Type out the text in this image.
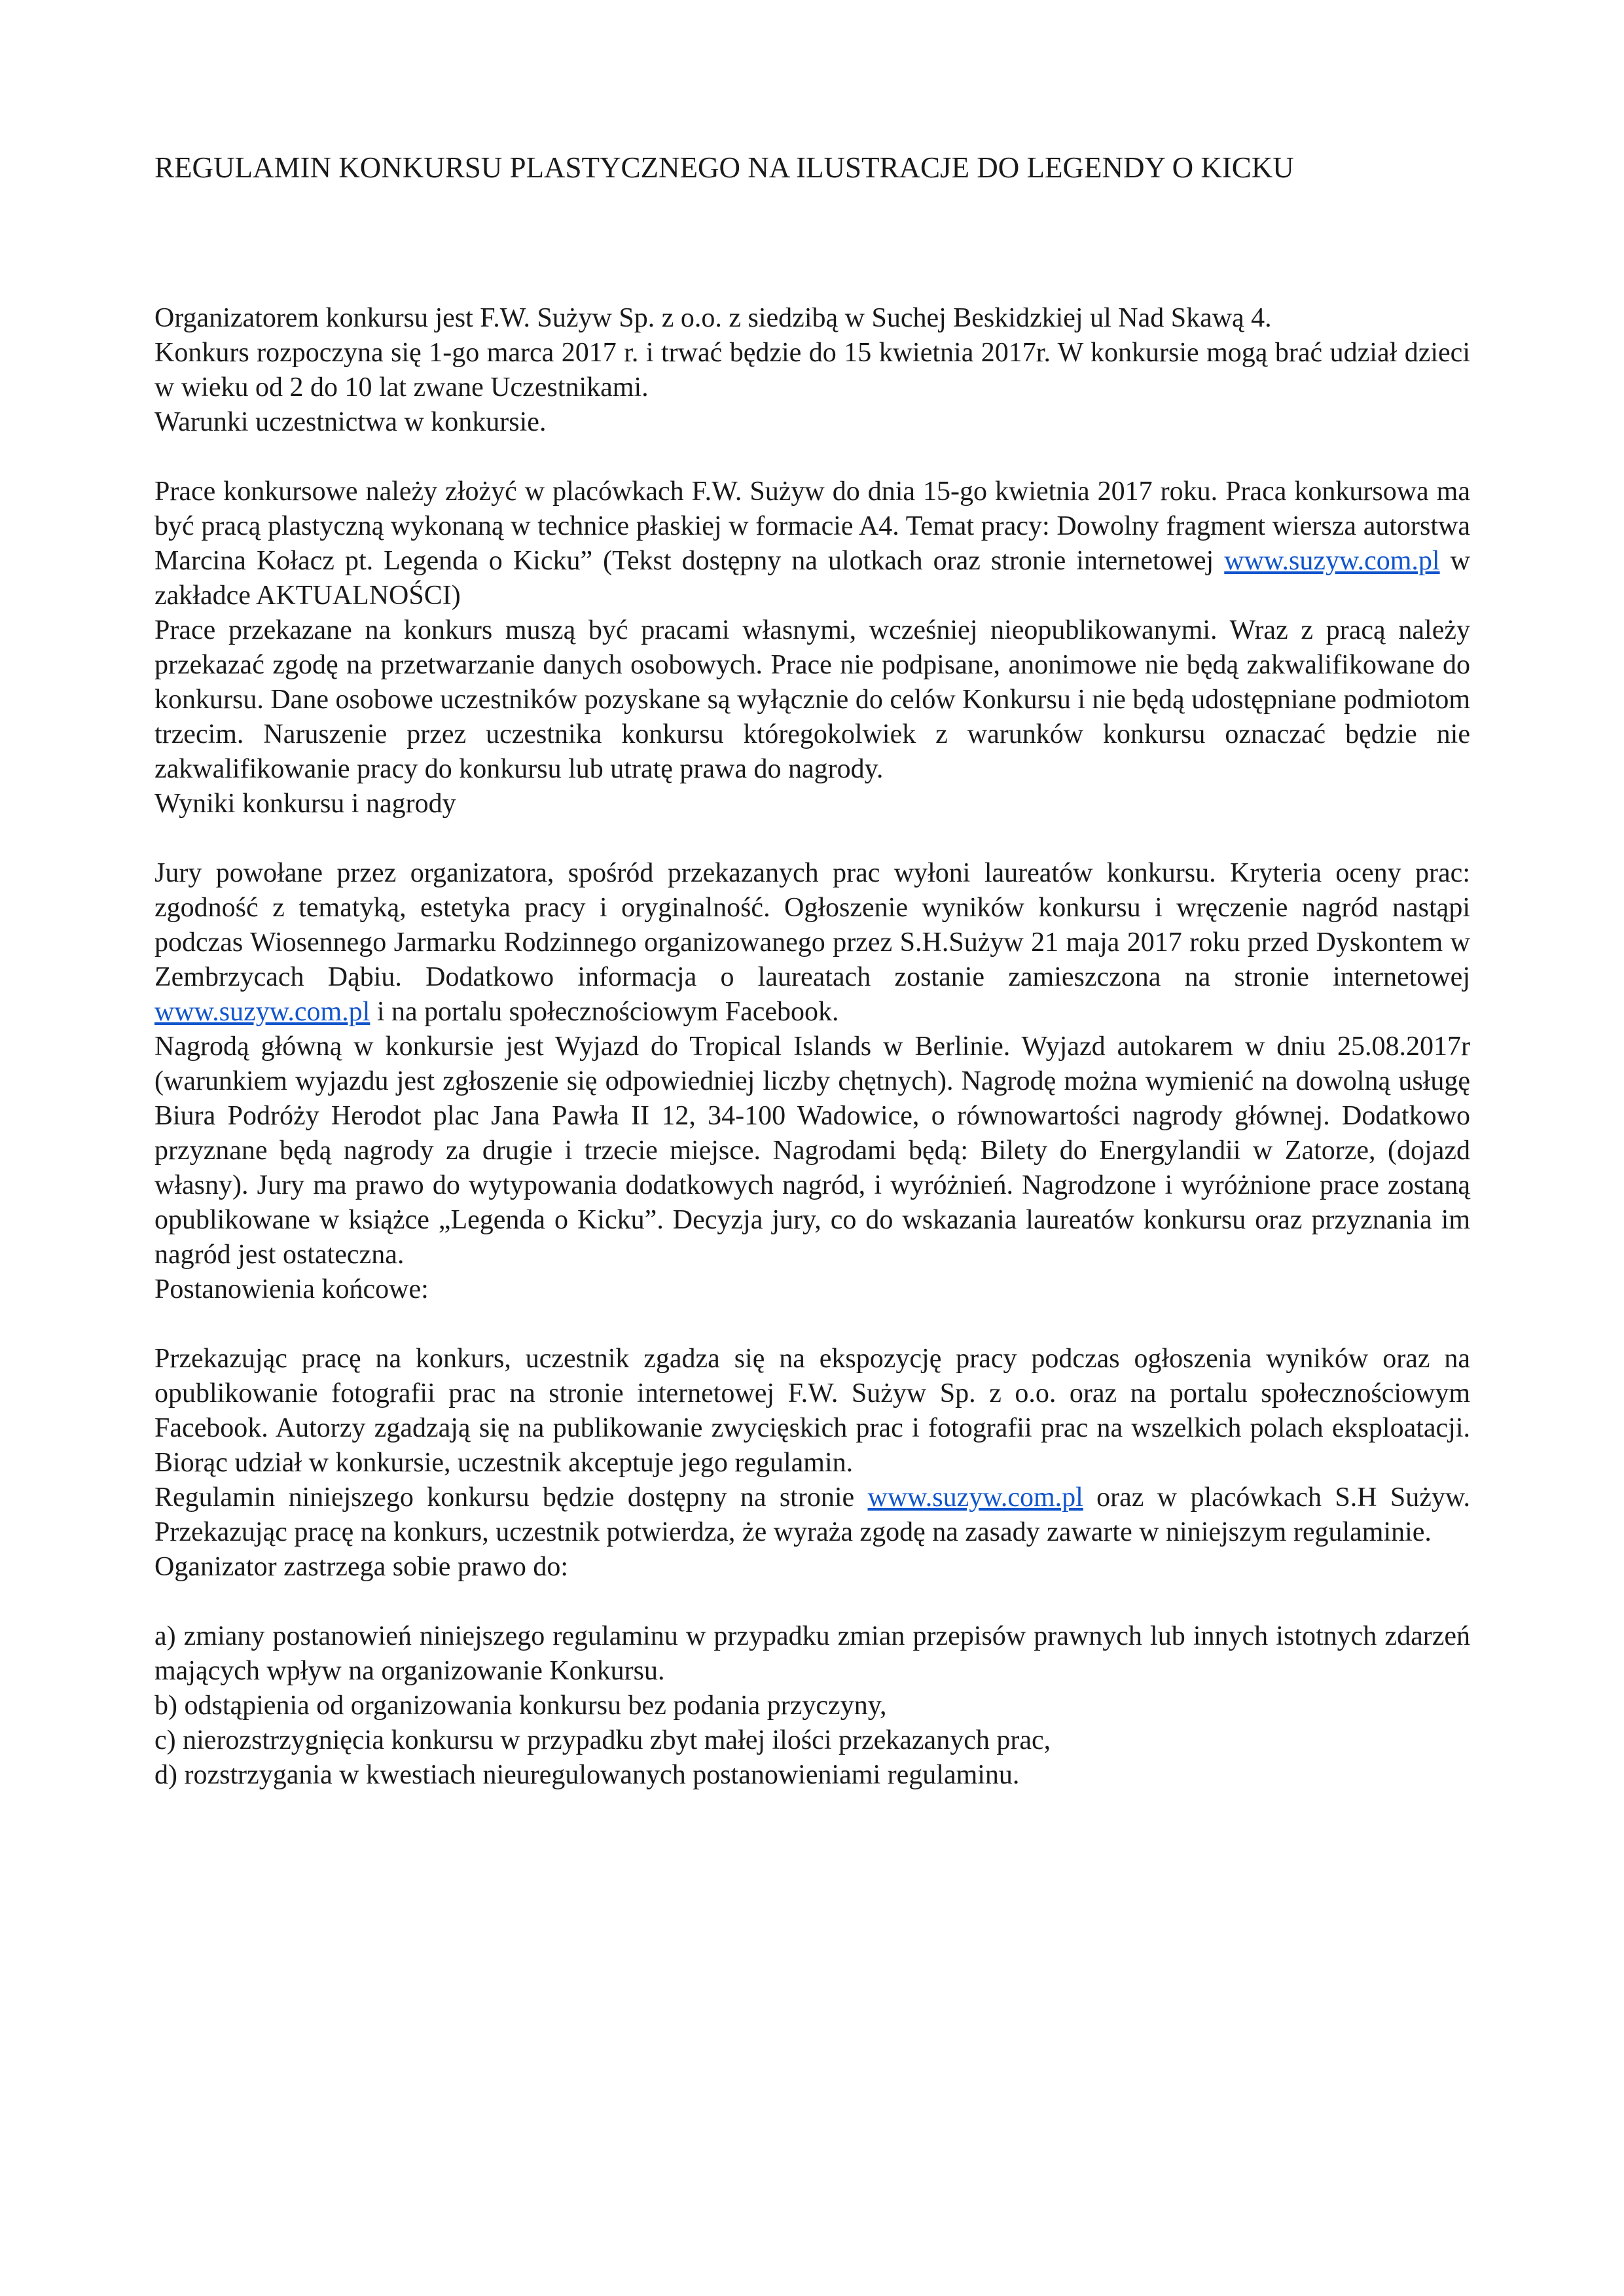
REGULAMIN KONKURSU PLASTYCZNEGO NA ILUSTRACJE DO LEGENDY O KICKU

Organizatorem konkursu jest F.W. Sużyw Sp. z o.o. z siedzibą w Suchej Beskidzkiej ul Nad Skawą 4.

Konkurs rozpoczyna się 1-go marca 2017 r. i trwać będzie do 15 kwietnia 2017r. W konkursie mogą brać udział dzieci w wieku od 2 do 10 lat zwane Uczestnikami.

Warunki uczestnictwa w konkursie.

Prace konkursowe należy złożyć w placówkach F.W. Sużyw do dnia 15-go kwietnia 2017 roku. Praca konkursowa ma być pracą plastyczną wykonaną w technice płaskiej w formacie A4. Temat pracy: Dowolny fragment wiersza autorstwa Marcina Kołacz pt. Legenda o Kicku” (Tekst dostępny na ulotkach oraz stronie internetowej www.suzyw.com.pl w zakładce AKTUALNOŚCI)

Prace przekazane na konkurs muszą być pracami własnymi, wcześniej nieopublikowanymi. Wraz z pracą należy przekazać zgodę na przetwarzanie danych osobowych. Prace nie podpisane, anonimowe nie będą zakwalifikowane do konkursu. Dane osobowe uczestników pozyskane są wyłącznie do celów Konkursu i nie będą udostępniane podmiotom trzecim. Naruszenie przez uczestnika konkursu któregokolwiek z warunków konkursu oznaczać będzie nie zakwalifikowanie pracy do konkursu lub utratę prawa do nagrody.

Wyniki konkursu i nagrody

Jury powołane przez organizatora, spośród przekazanych prac wyłoni laureatów konkursu. Kryteria oceny prac: zgodność z tematyką, estetyka pracy i oryginalność. Ogłoszenie wyników konkursu i wręczenie nagród nastąpi podczas Wiosennego Jarmarku Rodzinnego organizowanego przez S.H.Sużyw 21 maja 2017 roku przed Dyskontem w Zembrzycach Dąbiu. Dodatkowo informacja o laureatach zostanie zamieszczona na stronie internetowej www.suzyw.com.pl i na portalu społecznościowym Facebook.

Nagrodą główną w konkursie jest Wyjazd do Tropical Islands w Berlinie. Wyjazd autokarem w dniu 25.08.2017r (warunkiem wyjazdu jest zgłoszenie się odpowiedniej liczby chętnych). Nagrodę można wymienić na dowolną usługę Biura Podróży Herodot plac Jana Pawła II 12, 34-100 Wadowice, o równowartości nagrody głównej. Dodatkowo przyznane będą nagrody za drugie i trzecie miejsce. Nagrodami będą: Bilety do Energylandii w Zatorze, (dojazd własny). Jury ma prawo do wytypowania dodatkowych nagród, i wyróżnień. Nagrodzone i wyróżnione prace zostaną opublikowane w książce „Legenda o Kicku”. Decyzja jury, co do wskazania laureatów konkursu oraz przyznania im nagród jest ostateczna.

Postanowienia końcowe:

Przekazując pracę na konkurs, uczestnik zgadza się na ekspozycję pracy podczas ogłoszenia wyników oraz na opublikowanie fotografii prac na stronie internetowej F.W. Sużyw Sp. z o.o. oraz na portalu społecznościowym Facebook. Autorzy zgadzają się na publikowanie zwycięskich prac i fotografii prac na wszelkich polach eksploatacji. Biorąc udział w konkursie, uczestnik akceptuje jego regulamin.

Regulamin niniejszego konkursu będzie dostępny na stronie www.suzyw.com.pl oraz w placówkach S.H Sużyw. Przekazując pracę na konkurs, uczestnik potwierdza, że wyraża zgodę na zasady zawarte w niniejszym regulaminie.

Oganizator zastrzega sobie prawo do:

a) zmiany postanowień niniejszego regulaminu w przypadku zmian przepisów prawnych lub innych istotnych zdarzeń mających wpływ na organizowanie Konkursu.

b) odstąpienia od organizowania konkursu bez podania przyczyny,

c) nierozstrzygnięcia konkursu w przypadku zbyt małej ilości przekazanych prac,

d) rozstrzygania w kwestiach nieuregulowanych postanowieniami regulaminu.
